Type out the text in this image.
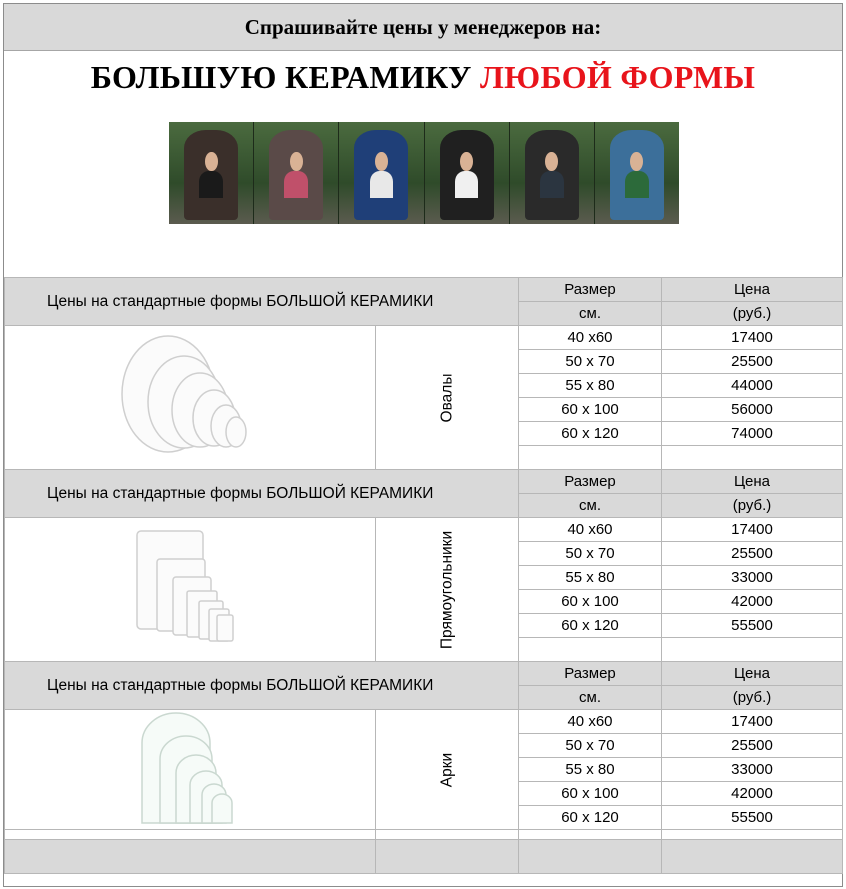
Спрашивайте цены у менеджеров на:
БОЛЬШУЮ КЕРАМИКУ ЛЮБОЙ ФОРМЫ
Цены на стандартные формы БОЛЬШОЙ КЕРАМИКИ		Размер	Цена
		см.	(руб.)

Овалы	40 х60	17400
		50 х 70	25500
		55 х 80	44000
		60 х 100	56000
		60 х 120	74000

Цены на стандартные формы БОЛЬШОЙ КЕРАМИКИ		Размер	Цена
		см.	(руб.)

Прямоугольники	40 х60	17400
		50 х 70	25500
		55 х 80	33000
		60 х 100	42000
		60 х 120	55500

Цены на стандартные формы БОЛЬШОЙ КЕРАМИКИ		Размер	Цена
		см.	(руб.)

Арки	40 х60	17400
		50 х 70	25500
		55 х 80	33000
		60 х 100	42000
		60 х 120	55500
